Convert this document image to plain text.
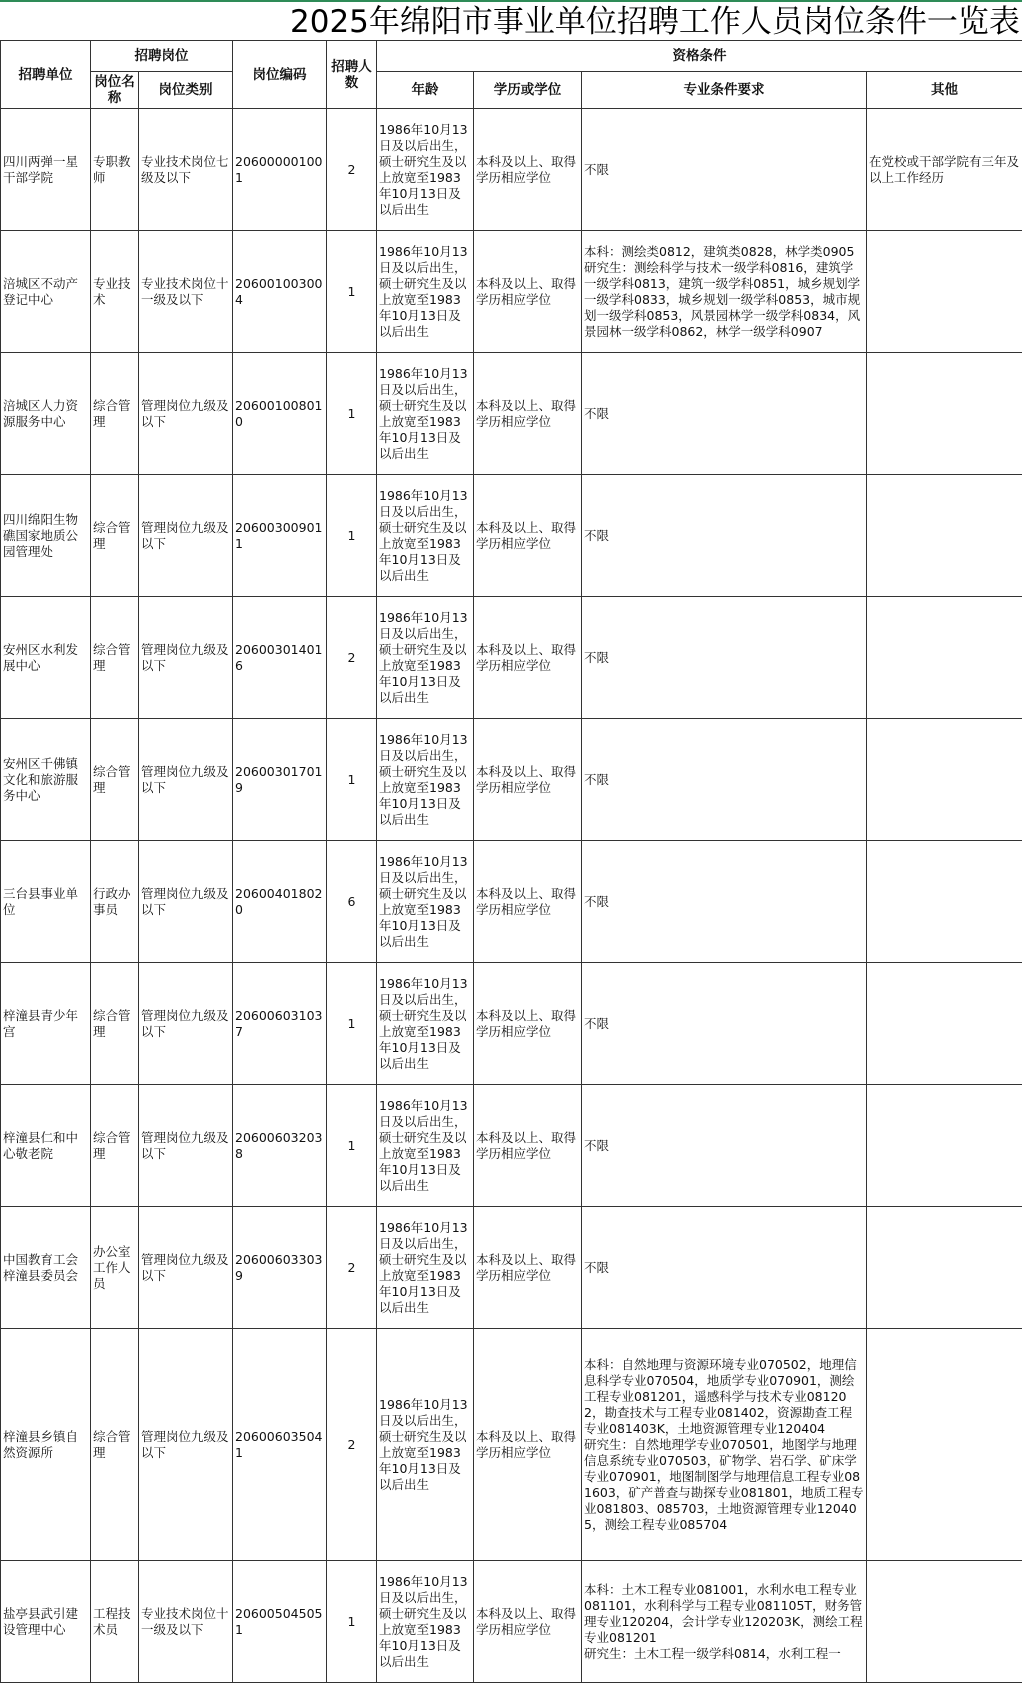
2025年绵阳市事业单位招聘工作人员岗位条件一览表
招聘单位	招聘岗位		岗位编码	招聘人数	资格条件			
	岗位名称	岗位类别			年龄	学历或学位	专业条件要求	其他
四川两弹一星干部学院	专职教师	专业技术岗位七级及以下	206000001001	2	1986年10月13日及以后出生，硕士研究生及以上放宽至1983年10月13日及以后出生	本科及以上、取得学历相应学位	不限	在党校或干部学院有三年及以上工作经历
涪城区不动产登记中心	专业技术	专业技术岗位十一级及以下	206001003004	1	1986年10月13日及以后出生，硕士研究生及以上放宽至1983年10月13日及以后出生	本科及以上、取得学历相应学位	本科：测绘类0812，建筑类0828，林学类0905
研究生：测绘科学与技术一级学科0816，建筑学一级学科0813，建筑一级学科0851，城乡规划学一级学科0833，城乡规划一级学科0853，城市规划一级学科0853，风景园林学一级学科0834，风景园林一级学科0862，林学一级学科0907	
涪城区人力资源服务中心	综合管理	管理岗位九级及以下	206001008010	1	1986年10月13日及以后出生，硕士研究生及以上放宽至1983年10月13日及以后出生	本科及以上、取得学历相应学位	不限	
四川绵阳生物礁国家地质公园管理处	综合管理	管理岗位九级及以下	206003009011	1	1986年10月13日及以后出生，硕士研究生及以上放宽至1983年10月13日及以后出生	本科及以上、取得学历相应学位	不限	
安州区水利发展中心	综合管理	管理岗位九级及以下	206003014016	2	1986年10月13日及以后出生，硕士研究生及以上放宽至1983年10月13日及以后出生	本科及以上、取得学历相应学位	不限	
安州区千佛镇文化和旅游服务中心	综合管理	管理岗位九级及以下	206003017019	1	1986年10月13日及以后出生，硕士研究生及以上放宽至1983年10月13日及以后出生	本科及以上、取得学历相应学位	不限	
三台县事业单位	行政办事员	管理岗位九级及以下	206004018020	6	1986年10月13日及以后出生，硕士研究生及以上放宽至1983年10月13日及以后出生	本科及以上、取得学历相应学位	不限	
梓潼县青少年宫	综合管理	管理岗位九级及以下	206006031037	1	1986年10月13日及以后出生，硕士研究生及以上放宽至1983年10月13日及以后出生	本科及以上、取得学历相应学位	不限	
梓潼县仁和中心敬老院	综合管理	管理岗位九级及以下	206006032038	1	1986年10月13日及以后出生，硕士研究生及以上放宽至1983年10月13日及以后出生	本科及以上、取得学历相应学位	不限	
中国教育工会梓潼县委员会	办公室工作人员	管理岗位九级及以下	206006033039	2	1986年10月13日及以后出生，硕士研究生及以上放宽至1983年10月13日及以后出生	本科及以上、取得学历相应学位	不限	
梓潼县乡镇自然资源所	综合管理	管理岗位九级及以下	206006035041	2	1986年10月13日及以后出生，硕士研究生及以上放宽至1983年10月13日及以后出生	本科及以上、取得学历相应学位	本科：自然地理与资源环境专业070502，地理信息科学专业070504，地质学专业070901，测绘工程专业081201，遥感科学与技术专业081202，勘查技术与工程专业081402，资源勘查工程专业081403K，土地资源管理专业120404
研究生：自然地理学专业070501，地图学与地理信息系统专业070503，矿物学、岩石学、矿床学专业070901，地图制图学与地理信息工程专业081603，矿产普查与勘探专业081801，地质工程专业081803、085703，土地资源管理专业120405，测绘工程专业085704	
盐亭县武引建设管理中心	工程技术员	专业技术岗位十一级及以下	206005045051	1	1986年10月13日及以后出生，硕士研究生及以上放宽至1983年10月13日及以后出生	本科及以上、取得学历相应学位	本科：土木工程专业081001，水利水电工程专业081101，水利科学与工程专业081105T，财务管理专业120204，会计学专业120203K，测绘工程专业081201
研究生：土木工程一级学科0814，水利工程一	
